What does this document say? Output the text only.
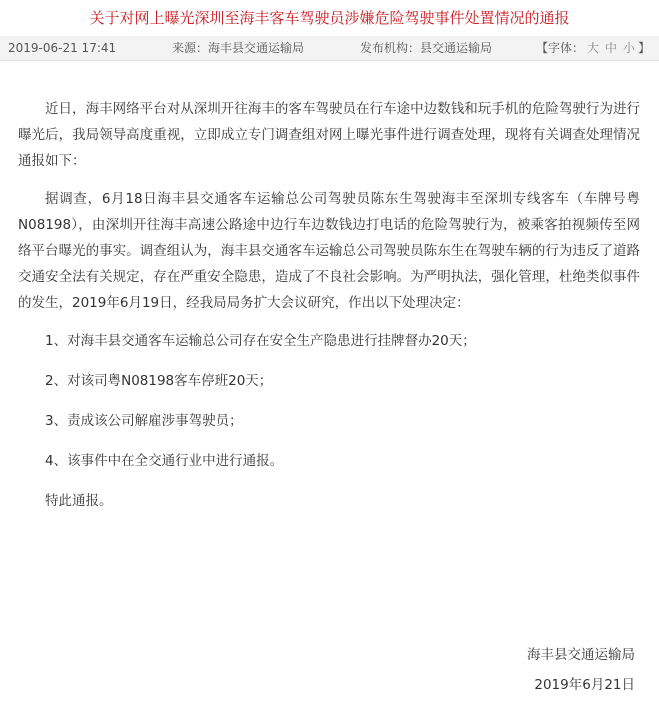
关于对网上曝光深圳至海丰客车驾驶员涉嫌危险驾驶事件处置情况的通报
2019-06-21 17:41	来源：海丰县交通运输局	发布机构：县交通运输局	【字体： 大 中 小 】

近日，海丰网络平台对从深圳开往海丰的客车驾驶员在行车途中边数钱和玩手机的危险驾驶行为进行曝光后，我局领导高度重视，立即成立专门调查组对网上曝光事件进行调查处理，现将有关调查处理情况通报如下：

据调查，6月18日海丰县交通客车运输总公司驾驶员陈东生驾驶海丰至深圳专线客车（车牌号粤N08198），由深圳开往海丰高速公路途中边行车边数钱边打电话的危险驾驶行为，被乘客拍视频传至网络平台曝光的事实。调查组认为，海丰县交通客车运输总公司驾驶员陈东生在驾驶车辆的行为违反了道路交通安全法有关规定，存在严重安全隐患，造成了不良社会影响。为严明执法，强化管理，杜绝类似事件的发生，2019年6月19日，经我局局务扩大会议研究，作出以下处理决定：

1、对海丰县交通客车运输总公司存在安全生产隐患进行挂牌督办20天；

2、对该司粤N08198客车停班20天；

3、责成该公司解雇涉事驾驶员；

4、该事件中在全交通行业中进行通报。

特此通报。

海丰县交通运输局
2019年6月21日
